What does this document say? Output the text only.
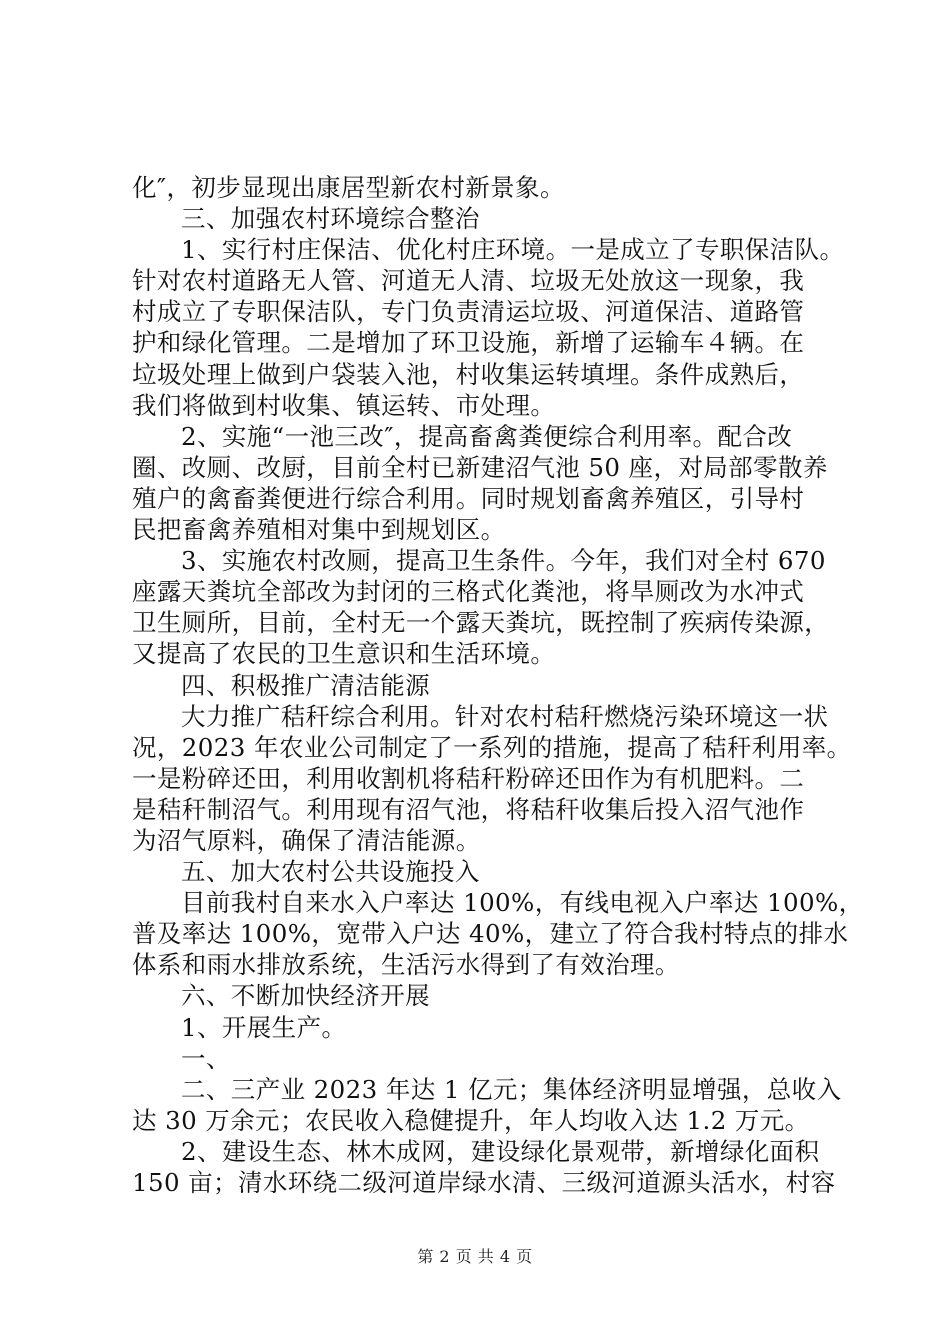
化″，初步显现出康居型新农村新景象。
三、加强农村环境综合整治
1、实行村庄保洁、优化村庄环境。一是成立了专职保洁队。
针对农村道路无人管、河道无人清、垃圾无处放这一现象，我
村成立了专职保洁队，专门负责清运垃圾、河道保洁、道路管
护和绿化管理。二是增加了环卫设施，新增了运输车４辆。在
垃圾处理上做到户袋装入池，村收集运转填埋。条件成熟后，
我们将做到村收集、镇运转、市处理。
2、实施“一池三改″，提高畜禽粪便综合利用率。配合改
圈、改厕、改厨，目前全村已新建沼气池 50 座，对局部零散养
殖户的禽畜粪便进行综合利用。同时规划畜禽养殖区，引导村
民把畜禽养殖相对集中到规划区。
3、实施农村改厕，提高卫生条件。今年，我们对全村 670
座露天粪坑全部改为封闭的三格式化粪池，将旱厕改为水冲式
卫生厕所，目前，全村无一个露天粪坑，既控制了疾病传染源，
又提高了农民的卫生意识和生活环境。
四、积极推广清洁能源
大力推广秸秆综合利用。针对农村秸秆燃烧污染环境这一状
况，2023 年农业公司制定了一系列的措施，提高了秸秆利用率。
一是粉碎还田，利用收割机将秸秆粉碎还田作为有机肥料。二
是秸秆制沼气。利用现有沼气池，将秸秆收集后投入沼气池作
为沼气原料，确保了清洁能源。
五、加大农村公共设施投入
目前我村自来水入户率达 100%，有线电视入户率达 100%，
普及率达 100%，宽带入户达 40%，建立了符合我村特点的排水
体系和雨水排放系统，生活污水得到了有效治理。
六、不断加快经济开展
1、开展生产。
一、
二、三产业 2023 年达 1 亿元；集体经济明显增强，总收入
达 30 万余元；农民收入稳健提升，年人均收入达 1.2 万元。
2、建设生态、林木成网，建设绿化景观带，新增绿化面积
150 亩；清水环绕二级河道岸绿水清、三级河道源头活水，村容
第 2 页 共 4 页
